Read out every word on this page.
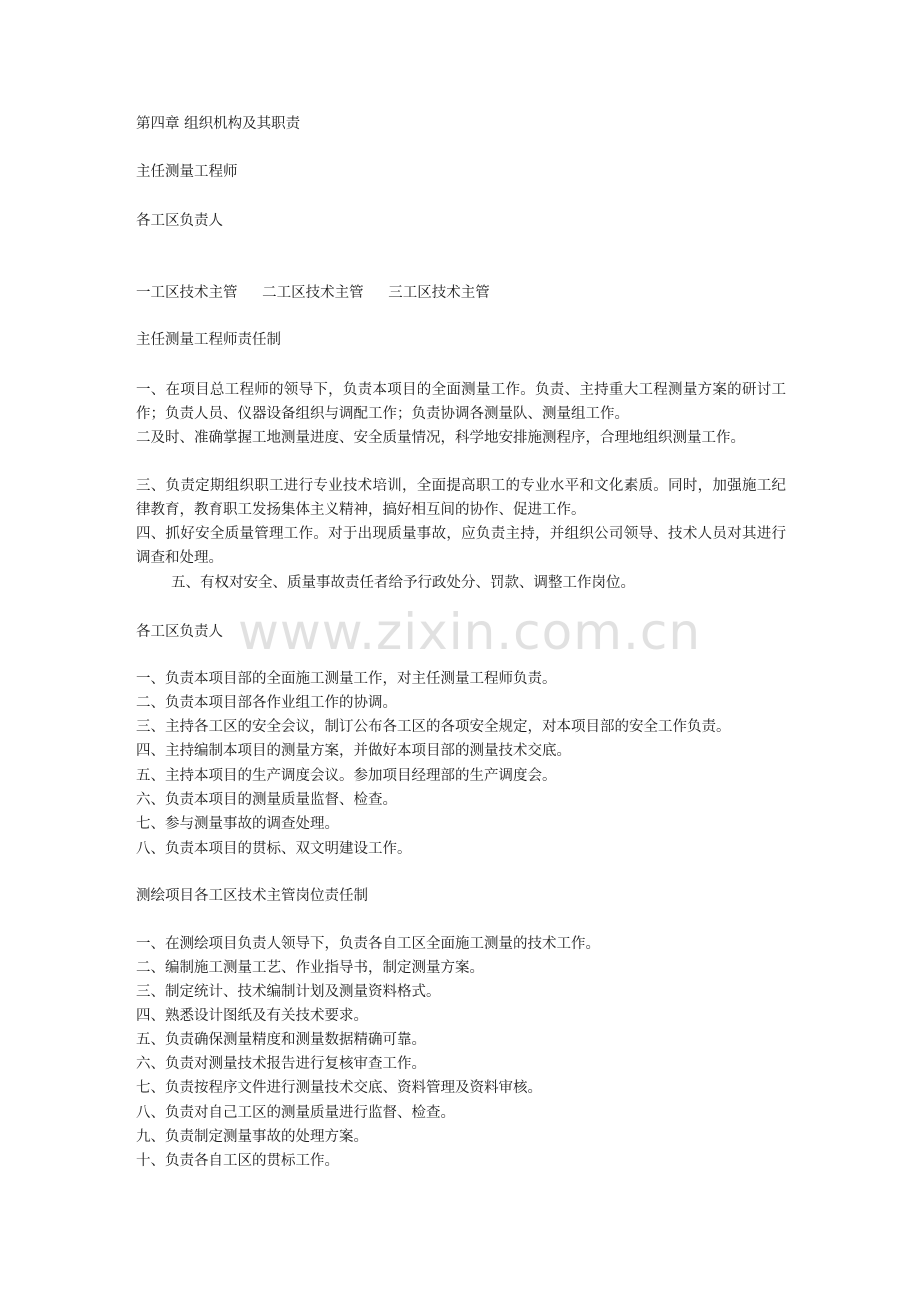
www.zixin.com.cn
第四章 组织机构及其职责
主任测量工程师
各工区负责人
一工区技术主管 二工区技术主管 三工区技术主管
主任测量工程师责任制
一、在项目总工程师的领导下，负责本项目的全面测量工作。负责、主持重大工程测量方案的研讨工作；负责人员、仪器设备组织与调配工作；负责协调各测量队、测量组工作。
二及时、准确掌握工地测量进度、安全质量情况，科学地安排施测程序，合理地组织测量工作。
三、负责定期组织职工进行专业技术培训，全面提高职工的专业水平和文化素质。同时，加强施工纪律教育，教育职工发扬集体主义精神，搞好相互间的协作、促进工作。
四、抓好安全质量管理工作。对于出现质量事故，应负责主持，并组织公司领导、技术人员对其进行调查和处理。
五、有权对安全、质量事故责任者给予行政处分、罚款、调整工作岗位。
各工区负责人
一、负责本项目部的全面施工测量工作，对主任测量工程师负责。
二、负责本项目部各作业组工作的协调。
三、主持各工区的安全会议，制订公布各工区的各项安全规定，对本项目部的安全工作负责。
四、主持编制本项目的测量方案，并做好本项目部的测量技术交底。
五、主持本项目的生产调度会议。参加项目经理部的生产调度会。
六、负责本项目的测量质量监督、检查。
七、参与测量事故的调查处理。
八、负责本项目的贯标、双文明建设工作。
测绘项目各工区技术主管岗位责任制
一、在测绘项目负责人领导下，负责各自工区全面施工测量的技术工作。
二、编制施工测量工艺、作业指导书，制定测量方案。
三、制定统计、技术编制计划及测量资料格式。
四、熟悉设计图纸及有关技术要求。
五、负责确保测量精度和测量数据精确可靠。
六、负责对测量技术报告进行复核审查工作。
七、负责按程序文件进行测量技术交底、资料管理及资料审核。
八、负责对自己工区的测量质量进行监督、检查。
九、负责制定测量事故的处理方案。
十、负责各自工区的贯标工作。
